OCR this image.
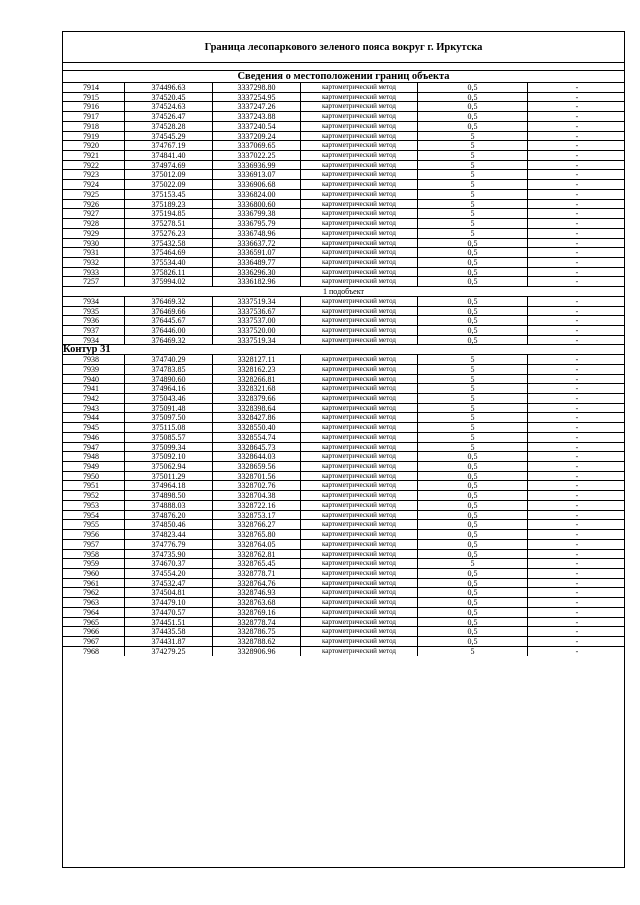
Граница лесопаркового зеленого пояса вокруг г. Иркутска
Сведения о местоположении границ объекта
7914	374496.63	3337298.80	картометрический метод	0,5	-
7915	374520.45	3337254.95	картометрический метод	0,5	-
7916	374524.63	3337247.26	картометрический метод	0,5	-
7917	374526.47	3337243.88	картометрический метод	0,5	-
7918	374528.28	3337240.54	картометрический метод	0,5	-
7919	374545.29	3337209.24	картометрический метод	5	-
7920	374767.19	3337069.65	картометрический метод	5	-
7921	374841.40	3337022.25	картометрический метод	5	-
7922	374974.69	3336936.99	картометрический метод	5	-
7923	375012.09	3336913.07	картометрический метод	5	-
7924	375022.09	3336906.68	картометрический метод	5	-
7925	375153.45	3336824.00	картометрический метод	5	-
7926	375189.23	3336800.60	картометрический метод	5	-
7927	375194.85	3336799.38	картометрический метод	5	-
7928	375278.51	3336795.79	картометрический метод	5	-
7929	375276.23	3336748.96	картометрический метод	5	-
7930	375432.58	3336637.72	картометрический метод	0,5	-
7931	375464.69	3336591.07	картометрический метод	0,5	-
7932	375534.40	3336489.77	картометрический метод	0,5	-
7933	375826.11	3336296.30	картометрический метод	0,5	-
7257	375994.02	3336182.96	картометрический метод	0,5	-
1 подобъект
7934	376469.32	3337519.34	картометрический метод	0,5	-
7935	376469.66	3337536.67	картометрический метод	0,5	-
7936	376445.67	3337537.00	картометрический метод	0,5	-
7937	376446.00	3337520.00	картометрический метод	0,5	-
7934	376469.32	3337519.34	картометрический метод	0,5	-
Контур 31
7938	374740.29	3328127.11	картометрический метод	5	-
7939	374783.85	3328162.23	картометрический метод	5	-
7940	374890.60	3328266.81	картометрический метод	5	-
7941	374964.16	3328321.68	картометрический метод	5	-
7942	375043.46	3328379.66	картометрический метод	5	-
7943	375091.48	3328398.64	картометрический метод	5	-
7944	375097.50	3328427.86	картометрический метод	5	-
7945	375115.08	3328550.40	картометрический метод	5	-
7946	375085.57	3328554.74	картометрический метод	5	-
7947	375099.34	3328645.73	картометрический метод	5	-
7948	375092.10	3328644.03	картометрический метод	0,5	-
7949	375062.94	3328659.56	картометрический метод	0,5	-
7950	375011.29	3328701.56	картометрический метод	0,5	-
7951	374964.18	3328702.76	картометрический метод	0,5	-
7952	374898.50	3328704.38	картометрический метод	0,5	-
7953	374888.03	3328722.16	картометрический метод	0,5	-
7954	374876.20	3328753.17	картометрический метод	0,5	-
7955	374850.46	3328766.27	картометрический метод	0,5	-
7956	374823.44	3328765.80	картометрический метод	0,5	-
7957	374776.79	3328764.05	картометрический метод	0,5	-
7958	374735.90	3328762.81	картометрический метод	0,5	-
7959	374670.37	3328765.45	картометрический метод	5	-
7960	374554.20	3328778.71	картометрический метод	0,5	-
7961	374532.47	3328764.76	картометрический метод	0,5	-
7962	374504.81	3328746.93	картометрический метод	0,5	-
7963	374479.10	3328763.68	картометрический метод	0,5	-
7964	374470.57	3328769.16	картометрический метод	0,5	-
7965	374451.51	3328778.74	картометрический метод	0,5	-
7966	374435.58	3328786.75	картометрический метод	0,5	-
7967	374431.87	3328788.62	картометрический метод	0,5	-
7968	374279.25	3328906.96	картометрический метод	5	-
